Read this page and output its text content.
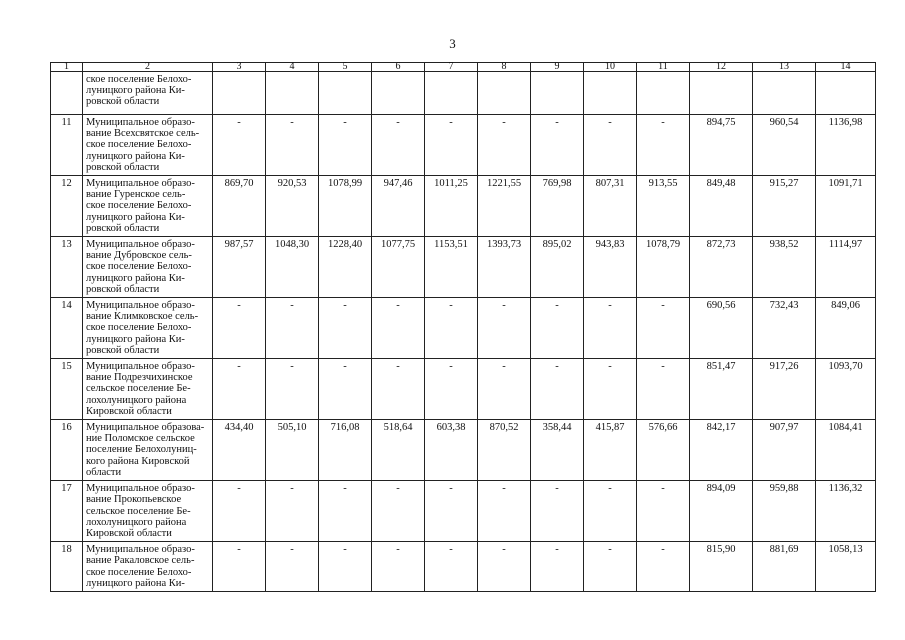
3
1	2	3	4	5	6	7	8	9	10	11	12	13	14
	ское поселение Белохо-
луницкого района Ки-
ровской области												
11	Муниципальное образо-
вание Всехсвятское сель-
ское поселение Белохо-
луницкого района Ки-
ровской области	-	-	-	-	-	-	-	-	-	894,75	960,54	1136,98
12	Муниципальное образо-
вание Гуренское сель-
ское поселение Белохо-
луницкого района Ки-
ровской области	869,70	920,53	1078,99	947,46	1011,25	1221,55	769,98	807,31	913,55	849,48	915,27	1091,71
13	Муниципальное образо-
вание Дубровское сель-
ское поселение Белохо-
луницкого района Ки-
ровской области	987,57	1048,30	1228,40	1077,75	1153,51	1393,73	895,02	943,83	1078,79	872,73	938,52	1114,97
14	Муниципальное образо-
вание Климковское сель-
ское поселение Белохо-
луницкого района Ки-
ровской области	-	-	-	-	-	-	-	-	-	690,56	732,43	849,06
15	Муниципальное образо-
вание Подрезчихинское
сельское поселение Бе-
лохолуницкого района
Кировской области	-	-	-	-	-	-	-	-	-	851,47	917,26	1093,70
16	Муниципальное образова-
ние Поломское сельское
поселение Белохолуниц-
кого района Кировской
области	434,40	505,10	716,08	518,64	603,38	870,52	358,44	415,87	576,66	842,17	907,97	1084,41
17	Муниципальное образо-
вание Прокопьевское
сельское поселение Бе-
лохолуницкого района
Кировской области	-	-	-	-	-	-	-	-	-	894,09	959,88	1136,32
18	Муниципальное образо-
вание Ракаловское сель-
ское поселение Белохо-
луницкого района Ки-	-	-	-	-	-	-	-	-	-	815,90	881,69	1058,13
